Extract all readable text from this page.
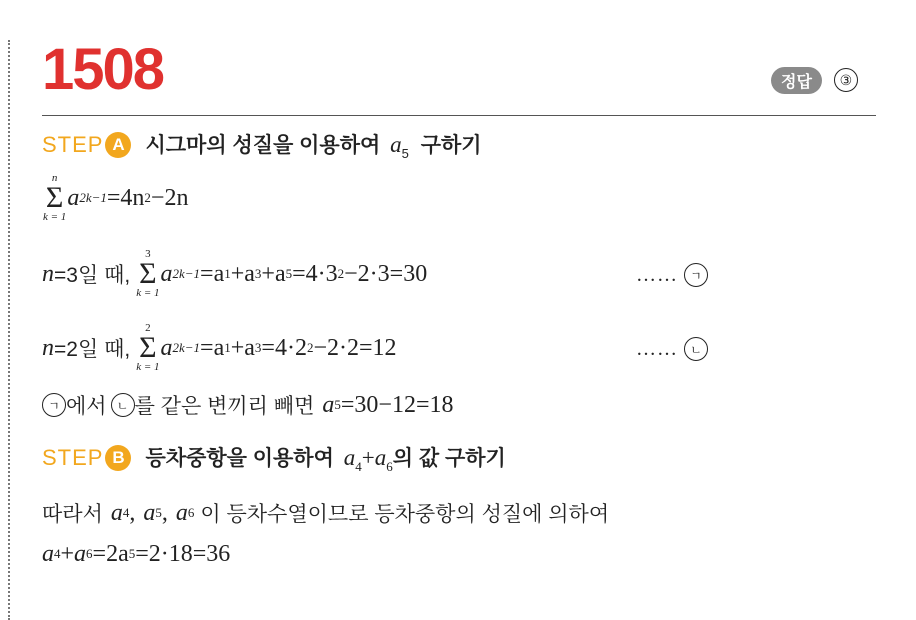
1508	정답	③
STEP A 시그마의 성질을 이용하여 $a_5$ 구하기
n
Σ
k = 1
a 2k−1 =4n 2 −2n
n =3일 때,
3
Σ
k = 1
a 2k−1 =a 1 +a 3 +a 5 =4·3 2 −2·3=30	……	ㄱ
n =2일 때,
2
Σ
k = 1
a 2k−1 =a 1 +a 3 =4·2 2 −2·2=12	……	ㄴ
ㄱ 에서 ㄴ 를 같은 변끼리 빼면 a 5 =30−12=18
STEP B 등차중항을 이용하여 $a_4+a_6$의 값 구하기
따라서 a 4 , a 5 , a 6 이 등차수열이므로 등차중항의 성질에 의하여
a 4 + a 6 =2a 5 =2·18=36
